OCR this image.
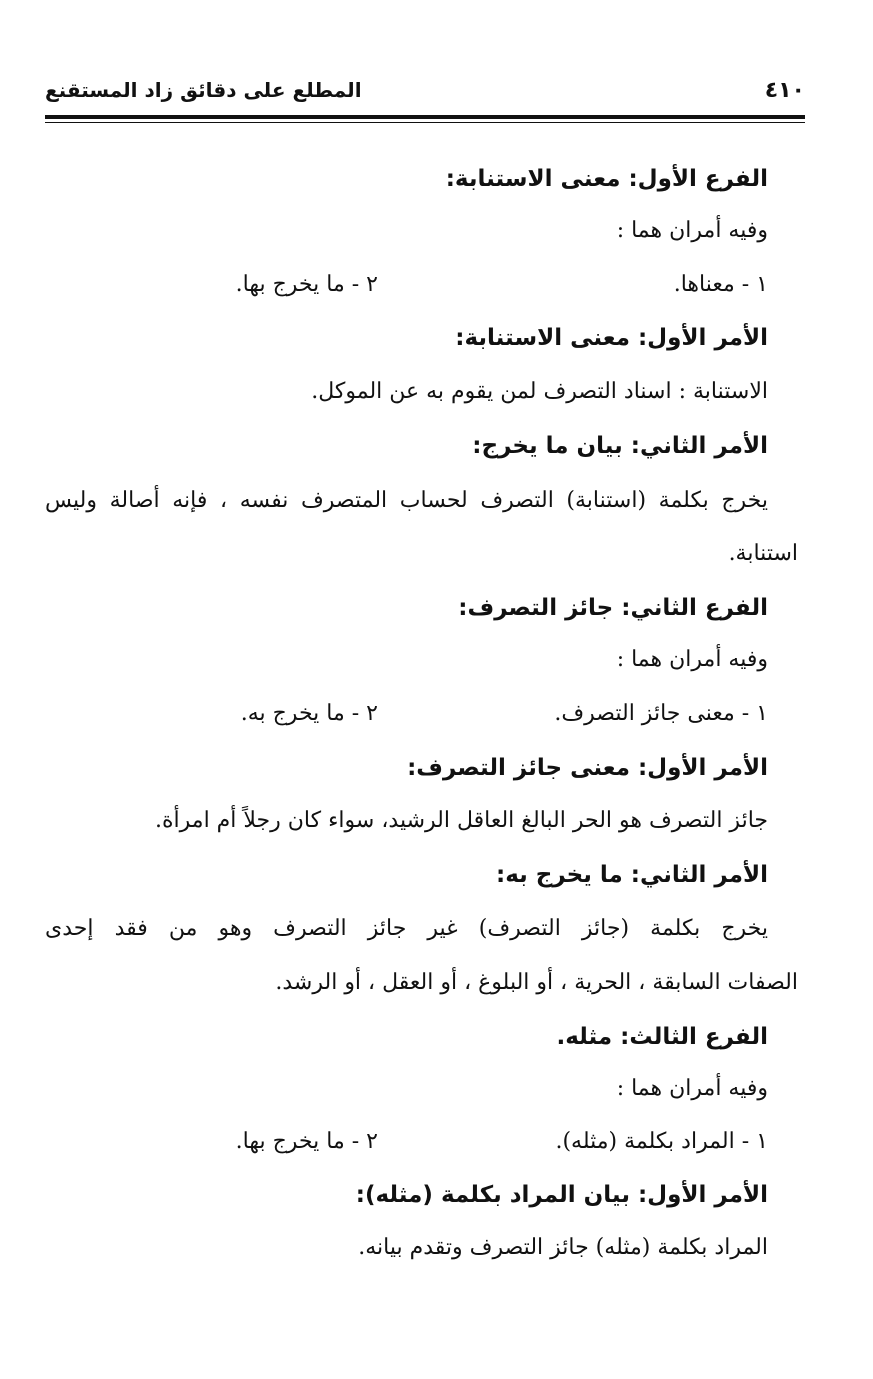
٤١٠
المطلع على دقائق زاد المستقنع
الفرع الأول: معنى الاستنابة:
وفيه أمران هما :
١ - معناها.
٢ - ما يخرج بها.
الأمر الأول: معنى الاستنابة:
الاستنابة : اسناد التصرف لمن يقوم به عن الموكل.
الأمر الثاني: بيان ما يخرج:
يخرج بكلمة (استنابة) التصرف لحساب المتصرف نفسه ، فإنه أصالة وليس
استنابة.
الفرع الثاني: جائز التصرف:
وفيه أمران هما :
١ - معنى جائز التصرف.
٢ - ما يخرج به.
الأمر الأول: معنى جائز التصرف:
جائز التصرف هو الحر البالغ العاقل الرشيد، سواء كان رجلاً أم امرأة.
الأمر الثاني: ما يخرج به:
يخرج بكلمة (جائز التصرف) غير جائز التصرف وهو من فقد إحدى
الصفات السابقة ، الحرية ، أو البلوغ ، أو العقل ، أو الرشد.
الفرع الثالث: مثله.
وفيه أمران هما :
١ - المراد بكلمة (مثله).
٢ - ما يخرج بها.
الأمر الأول: بيان المراد بكلمة (مثله):
المراد بكلمة (مثله) جائز التصرف وتقدم بيانه.
